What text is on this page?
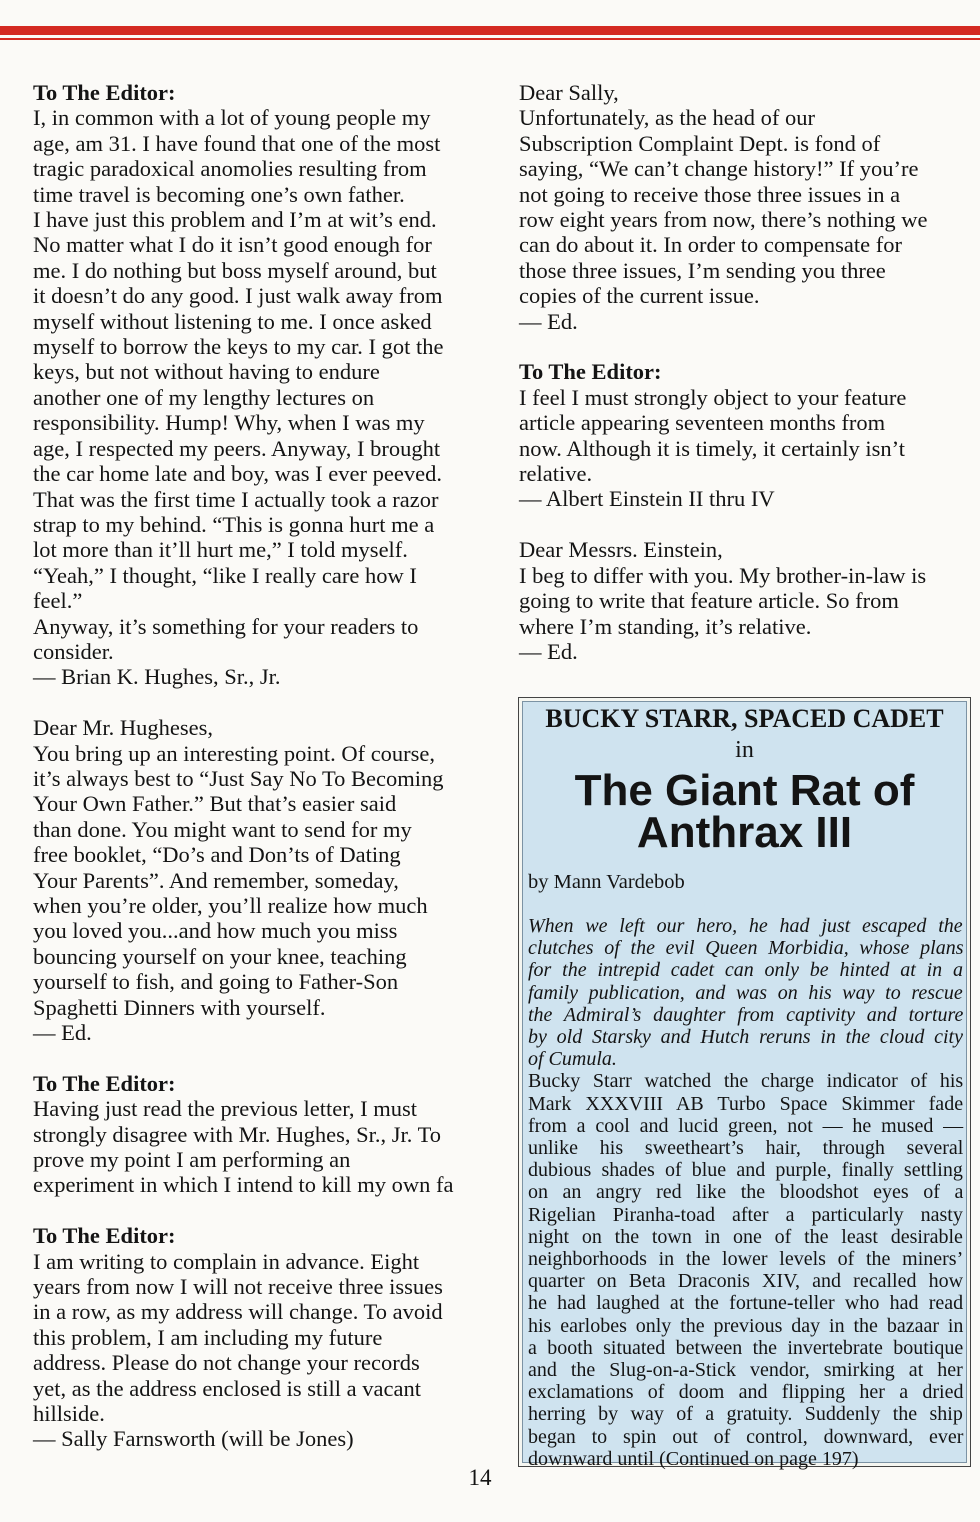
To The Editor:
I, in common with a lot of young people my
age, am 31. I have found that one of the most
tragic paradoxical anomolies resulting from
time travel is becoming one’s own father.
I have just this problem and I’m at wit’s end.
No matter what I do it isn’t good enough for
me. I do nothing but boss myself around, but
it doesn’t do any good. I just walk away from
myself without listening to me. I once asked
myself to borrow the keys to my car. I got the
keys, but not without having to endure
another one of my lengthy lectures on
responsibility. Hump! Why, when I was my
age, I respected my peers. Anyway, I brought
the car home late and boy, was I ever peeved.
That was the first time I actually took a razor
strap to my behind. “This is gonna hurt me a
lot more than it’ll hurt me,” I told myself.
“Yeah,” I thought, “like I really care how I
feel.”
Anyway, it’s something for your readers to
consider.
— Brian K. Hughes, Sr., Jr.
Dear Mr. Hugheses,
You bring up an interesting point. Of course,
it’s always best to “Just Say No To Becoming
Your Own Father.” But that’s easier said
than done. You might want to send for my
free booklet, “Do’s and Don’ts of Dating
Your Parents”. And remember, someday,
when you’re older, you’ll realize how much
you loved you...and how much you miss
bouncing yourself on your knee, teaching
yourself to fish, and going to Father-Son
Spaghetti Dinners with yourself.
— Ed.
To The Editor:
Having just read the previous letter, I must
strongly disagree with Mr. Hughes, Sr., Jr. To
prove my point I am performing an
experiment in which I intend to kill my own fa
To The Editor:
I am writing to complain in advance. Eight
years from now I will not receive three issues
in a row, as my address will change. To avoid
this problem, I am including my future
address. Please do not change your records
yet, as the address enclosed is still a vacant
hillside.
— Sally Farnsworth (will be Jones)
Dear Sally,
Unfortunately, as the head of our
Subscription Complaint Dept. is fond of
saying, “We can’t change history!” If you’re
not going to receive those three issues in a
row eight years from now, there’s nothing we
can do about it. In order to compensate for
those three issues, I’m sending you three
copies of the current issue.
— Ed.
To The Editor:
I feel I must strongly object to your feature
article appearing seventeen months from
now. Although it is timely, it certainly isn’t
relative.
— Albert Einstein II thru IV
Dear Messrs. Einstein,
I beg to differ with you. My brother-in-law is
going to write that feature article. So from
where I’m standing, it’s relative.
— Ed.
BUCKY STARR, SPACED CADET
in
The Giant Rat of
Anthrax III
by Mann Vardebob
When we left our hero, he had just escaped the
clutches of the evil Queen Morbidia, whose plans
for the intrepid cadet can only be hinted at in a
family publication, and was on his way to rescue
the Admiral’s daughter from captivity and torture
by old Starsky and Hutch reruns in the cloud city
of Cumula.
Bucky Starr watched the charge indicator of his
Mark XXXVIII AB Turbo Space Skimmer fade
from a cool and lucid green, not — he mused —
unlike his sweetheart’s hair, through several
dubious shades of blue and purple, finally settling
on an angry red like the bloodshot eyes of a
Rigelian Piranha-toad after a particularly nasty
night on the town in one of the least desirable
neighborhoods in the lower levels of the miners’
quarter on Beta Draconis XIV, and recalled how
he had laughed at the fortune-teller who had read
his earlobes only the previous day in the bazaar in
a booth situated between the invertebrate boutique
and the Slug-on-a-Stick vendor, smirking at her
exclamations of doom and flipping her a dried
herring by way of a gratuity. Suddenly the ship
began to spin out of control, downward, ever
downward until (Continued on page 197)
14
